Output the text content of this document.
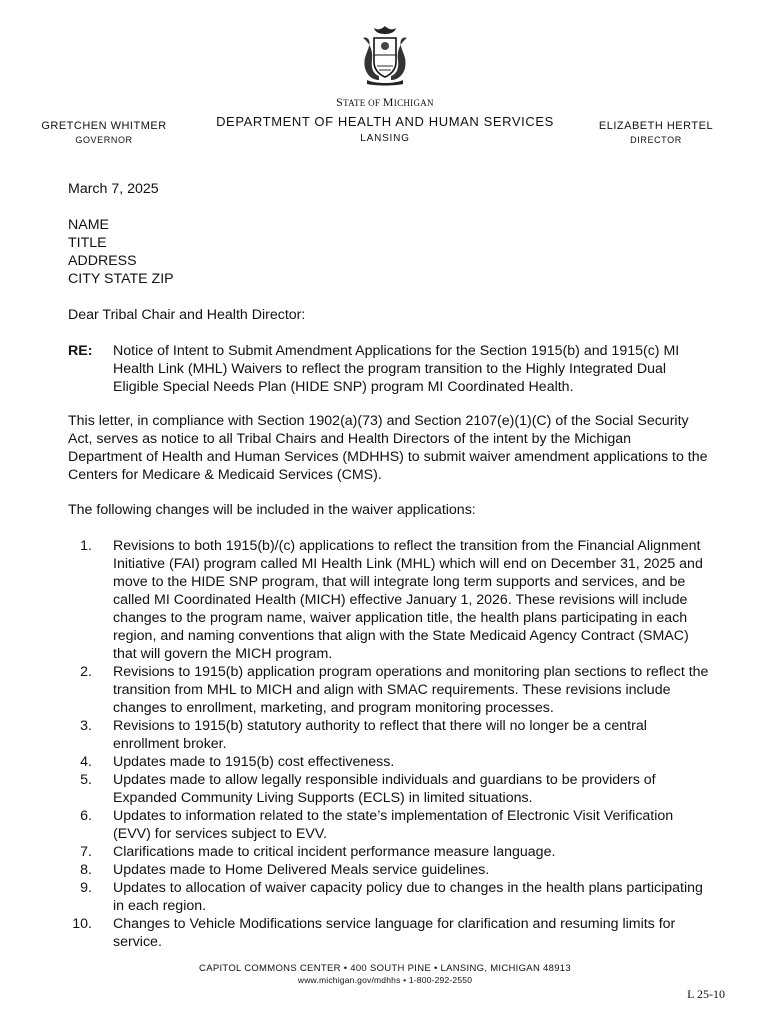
STATE OF MICHIGAN
DEPARTMENT OF HEALTH AND HUMAN SERVICES
LANSING
GRETCHEN WHITMER
GOVERNOR
ELIZABETH HERTEL
DIRECTOR
March 7, 2025
NAME
TITLE
ADDRESS
CITY STATE ZIP
Dear Tribal Chair and Health Director:
RE: Notice of Intent to Submit Amendment Applications for the Section 1915(b) and 1915(c) MI Health Link (MHL) Waivers to reflect the program transition to the Highly Integrated Dual Eligible Special Needs Plan (HIDE SNP) program MI Coordinated Health.
This letter, in compliance with Section 1902(a)(73) and Section 2107(e)(1)(C) of the Social Security Act, serves as notice to all Tribal Chairs and Health Directors of the intent by the Michigan Department of Health and Human Services (MDHHS) to submit waiver amendment applications to the Centers for Medicare & Medicaid Services (CMS).
The following changes will be included in the waiver applications:
1. Revisions to both 1915(b)/(c) applications to reflect the transition from the Financial Alignment Initiative (FAI) program called MI Health Link (MHL) which will end on December 31, 2025 and move to the HIDE SNP program, that will integrate long term supports and services, and be called MI Coordinated Health (MICH) effective January 1, 2026. These revisions will include changes to the program name, waiver application title, the health plans participating in each region, and naming conventions that align with the State Medicaid Agency Contract (SMAC) that will govern the MICH program.
2. Revisions to 1915(b) application program operations and monitoring plan sections to reflect the transition from MHL to MICH and align with SMAC requirements. These revisions include changes to enrollment, marketing, and program monitoring processes.
3. Revisions to 1915(b) statutory authority to reflect that there will no longer be a central enrollment broker.
4. Updates made to 1915(b) cost effectiveness.
5. Updates made to allow legally responsible individuals and guardians to be providers of Expanded Community Living Supports (ECLS) in limited situations.
6. Updates to information related to the state’s implementation of Electronic Visit Verification (EVV) for services subject to EVV.
7. Clarifications made to critical incident performance measure language.
8. Updates made to Home Delivered Meals service guidelines.
9. Updates to allocation of waiver capacity policy due to changes in the health plans participating in each region.
10. Changes to Vehicle Modifications service language for clarification and resuming limits for service.
CAPITOL COMMONS CENTER • 400 SOUTH PINE • LANSING, MICHIGAN 48913
www.michigan.gov/mdhhs • 1-800-292-2550
L 25-10
